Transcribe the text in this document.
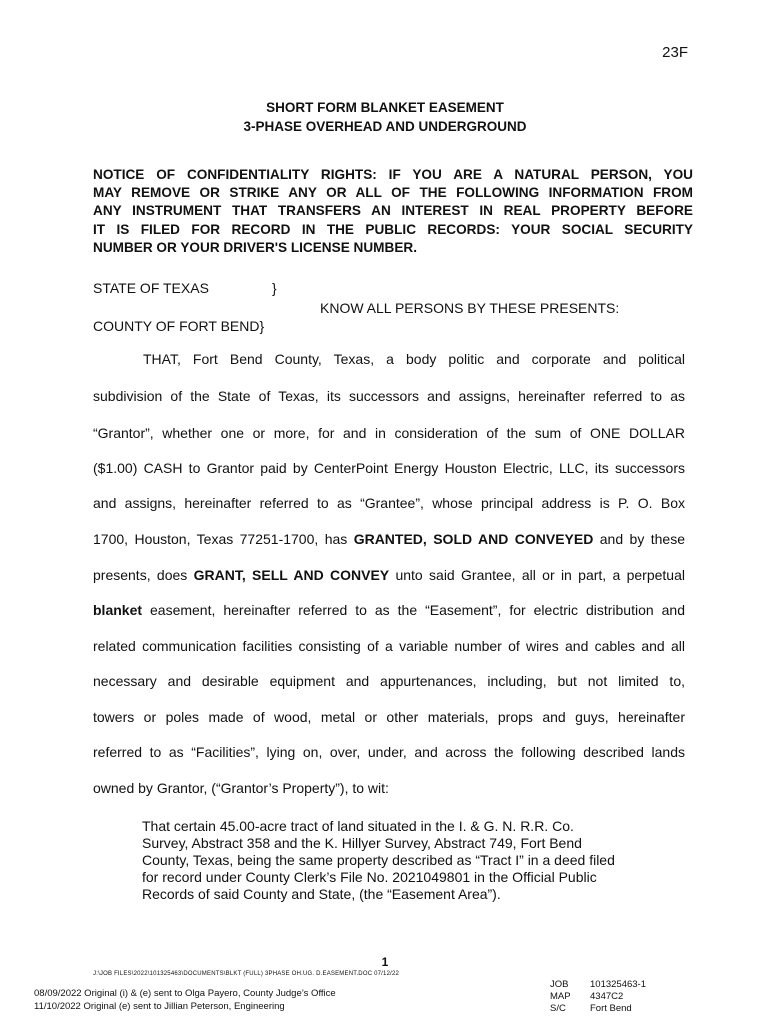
23F
SHORT FORM BLANKET EASEMENT
3-PHASE OVERHEAD AND UNDERGROUND
NOTICE OF CONFIDENTIALITY RIGHTS: IF YOU ARE A NATURAL PERSON, YOU
MAY REMOVE OR STRIKE ANY OR ALL OF THE FOLLOWING INFORMATION FROM
ANY INSTRUMENT THAT TRANSFERS AN INTEREST IN REAL PROPERTY BEFORE
IT IS FILED FOR RECORD IN THE PUBLIC RECORDS: YOUR SOCIAL SECURITY
NUMBER OR YOUR DRIVER'S LICENSE NUMBER.
STATE OF TEXAS	}
KNOW ALL PERSONS BY THESE PRESENTS:
COUNTY OF FORT BEND}
THAT, Fort Bend County, Texas, a body politic and corporate and political
subdivision of the State of Texas, its successors and assigns, hereinafter referred to as
“Grantor”, whether one or more, for and in consideration of the sum of ONE DOLLAR
($1.00) CASH to Grantor paid by CenterPoint Energy Houston Electric, LLC, its successors
and assigns, hereinafter referred to as “Grantee”, whose principal address is P. O. Box
1700, Houston, Texas 77251-1700, has GRANTED, SOLD AND CONVEYED and by these
presents, does GRANT, SELL AND CONVEY unto said Grantee, all or in part, a perpetual
blanket easement, hereinafter referred to as the “Easement”, for electric distribution and
related communication facilities consisting of a variable number of wires and cables and all
necessary and desirable equipment and appurtenances, including, but not limited to,
towers or poles made of wood, metal or other materials, props and guys, hereinafter
referred to as “Facilities”, lying on, over, under, and across the following described lands
owned by Grantor, (“Grantor’s Property”), to wit:
That certain 45.00-acre tract of land situated in the I. & G. N. R.R. Co.
Survey, Abstract 358 and the K. Hillyer Survey, Abstract 749, Fort Bend
County, Texas, being the same property described as “Tract I” in a deed filed
for record under County Clerk’s File No. 2021049801 in the Official Public
Records of said County and State, (the “Easement Area”).
1
J:\JOB FILES\2022\101325463\DOCUMENTS\BLKT (FULL) 3PHASE OH.UG. D.EASEMENT.DOC 07/12/22
08/09/2022 Original (i) & (e) sent to Olga Payero, County Judge’s Office
11/10/2022 Original (e) sent to Jillian Peterson, Engineering
JOB 101325463-1
MAP 4347C2
S/C	Fort Bend
